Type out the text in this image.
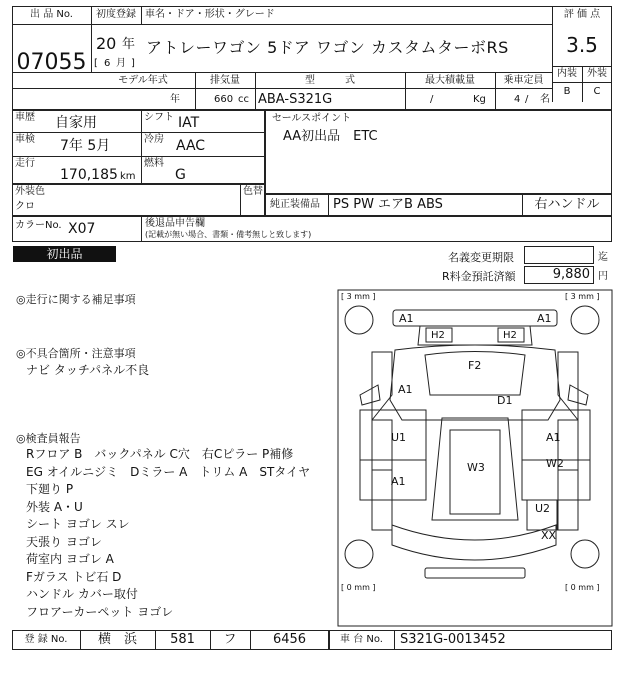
出 品 No.
07055
初度登録 車名・ドア・形状・グレード
20 年
[ 6 月 ]
アトレーワゴン 5ドア ワゴン カスタムターボRS
評 価 点
3.5
内装	外装
B	C
モデル年式	排気量	型　　　式	最大積載量	乗車定員
年	660 cc ABA-S321G	/	Kg	4 / 名
車歴 自家用	シフト IAT
車検 7年 5月	冷房 AAC
走行
170,185 km
燃料
G
セールスポイント
AA初出品　ETC
外装色
クロ
色替
純正装備品 PS PW エアB ABS	右ハンドル
カラーNo. X07	後退品申告欄
(記載が無い場合、書類・備考無しと致します)
初出品	名義変更期限	迄
R料金預託済額	9,880 円
◎走行に関する補足事項
◎不具合箇所・注意事項
ナビ タッチパネル不良
◎検査員報告
Rフロア B　バックパネル C穴　右Cピラー P補修
EG オイルニジミ　Dミラー A　トリム A　STタイヤ
下廻り P
外装 A・U
シート ヨゴレ スレ
天張り ヨゴレ
荷室内 ヨゴレ A
Fガラス トビ石 D
ハンドル カバー取付
フロアーカーペット ヨゴレ
[ 3 mm ]	[ 3 mm ]
[ 0 mm ]	[ 0 mm ]
A1	A1
H2	H2
F2
A1
D1
U1	A1
W2
W3
A1
U2
XX
登 録 No.	横　浜	581	フ	6456	車 台 No.	S321G-0013452
